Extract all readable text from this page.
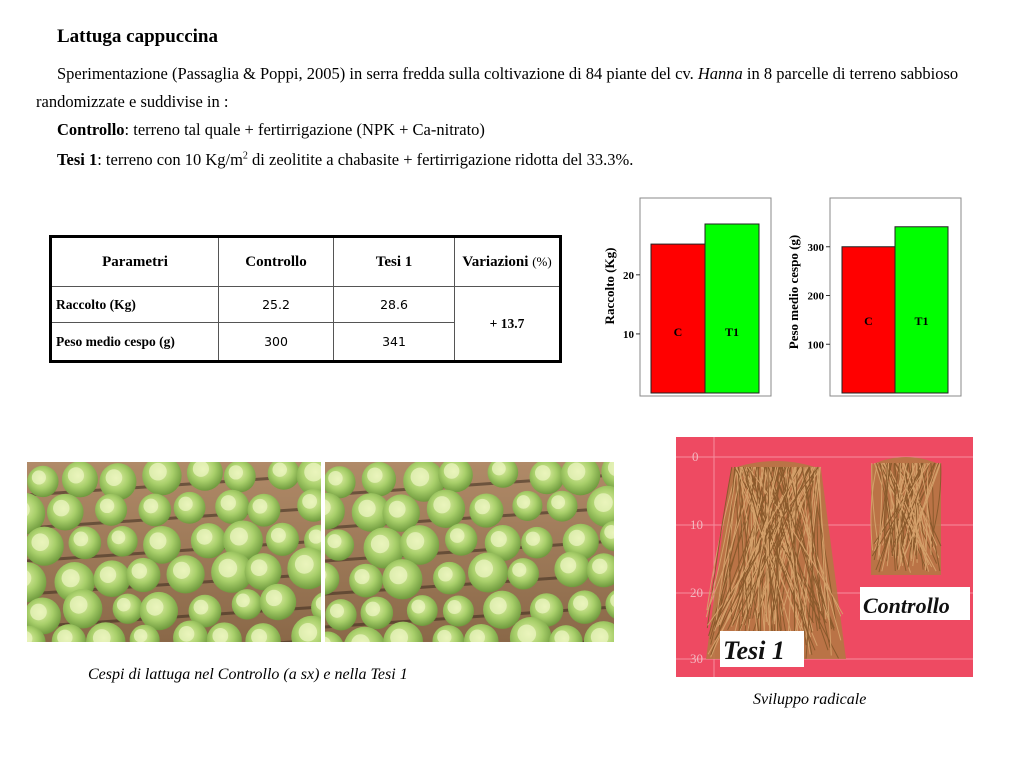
Lattuga cappuccina
Sperimentazione (Passaglia & Poppi, 2005) in serra fredda sulla coltivazione di 84 piante del cv. Hanna in 8 parcelle di terreno sabbioso randomizzate e suddivise in :
Controllo: terreno tal quale + fertirrigazione (NPK + Ca-nitrato)
Tesi 1: terreno con 10 $Kg/m^2$ di zeolitite a chabasite + fertirrigazione ridotta del 33.3%.
Parametri	Controllo	Tesi 1	Variazioni (%)
Raccolto (Kg)	25.2	28.6	+ 13.7
Peso medio cespo (g)	300	341		10
20
C	T1
Raccolto (Kg)
100
200
300
C	T1
Peso medio cespo (g)
Cespi di lattuga nel Controllo (a sx) e nella Tesi 1
0
10
20
30
Controllo
Tesi 1
Sviluppo radicale
